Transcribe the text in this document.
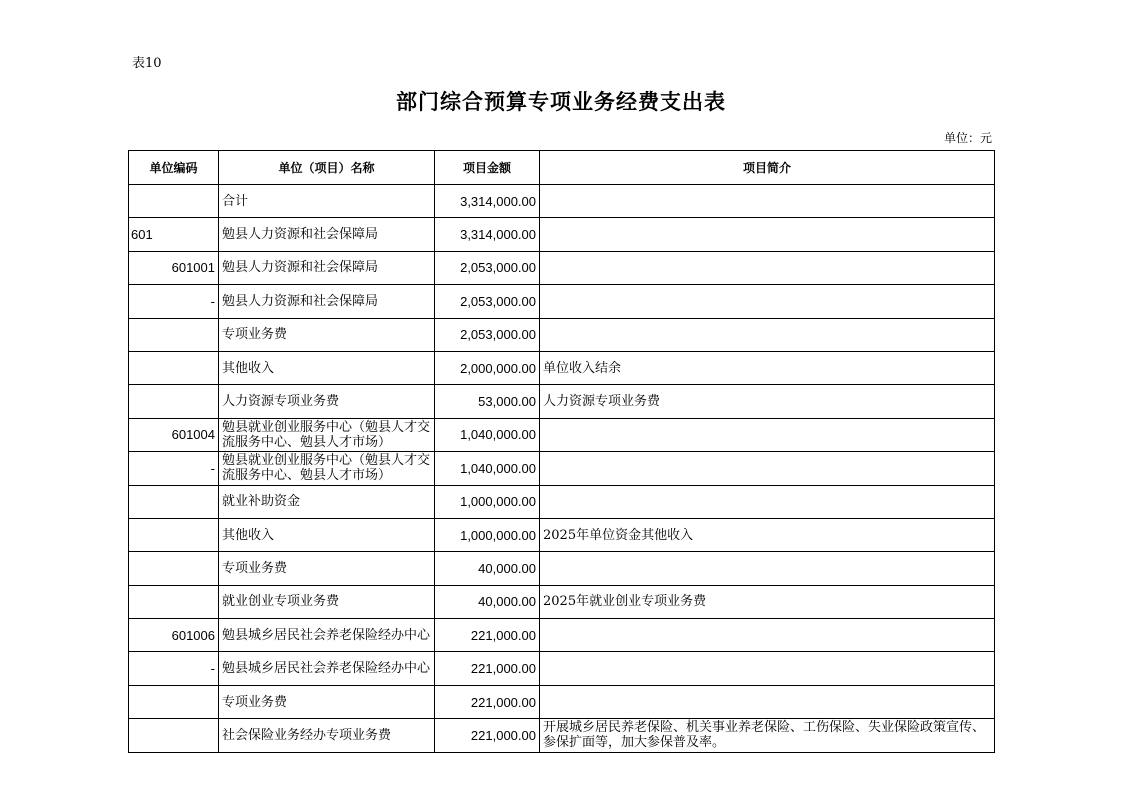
表10
部门综合预算专项业务经费支出表
单位：元
单位编码	单位（项目）名称	项目金额	项目简介
	合计	3,314,000.00	
601	勉县人力资源和社会保障局	3,314,000.00	
601001	勉县人力资源和社会保障局	2,053,000.00	
-	勉县人力资源和社会保障局	2,053,000.00	
	专项业务费	2,053,000.00	
	其他收入	2,000,000.00	单位收入结余
	人力资源专项业务费	53,000.00	人力资源专项业务费
601004	勉县就业创业服务中心（勉县人才交流服务中心、勉县人才市场）	1,040,000.00	
-	勉县就业创业服务中心（勉县人才交流服务中心、勉县人才市场）	1,040,000.00	
	就业补助资金	1,000,000.00	
	其他收入	1,000,000.00	2025年单位资金其他收入
	专项业务费	40,000.00	
	就业创业专项业务费	40,000.00	2025年就业创业专项业务费
601006	勉县城乡居民社会养老保险经办中心	221,000.00	
-	勉县城乡居民社会养老保险经办中心	221,000.00	
	专项业务费	221,000.00	
	社会保险业务经办专项业务费	221,000.00	开展城乡居民养老保险、机关事业养老保险、工伤保险、失业保险政策宣传、参保扩面等，加大参保普及率。
